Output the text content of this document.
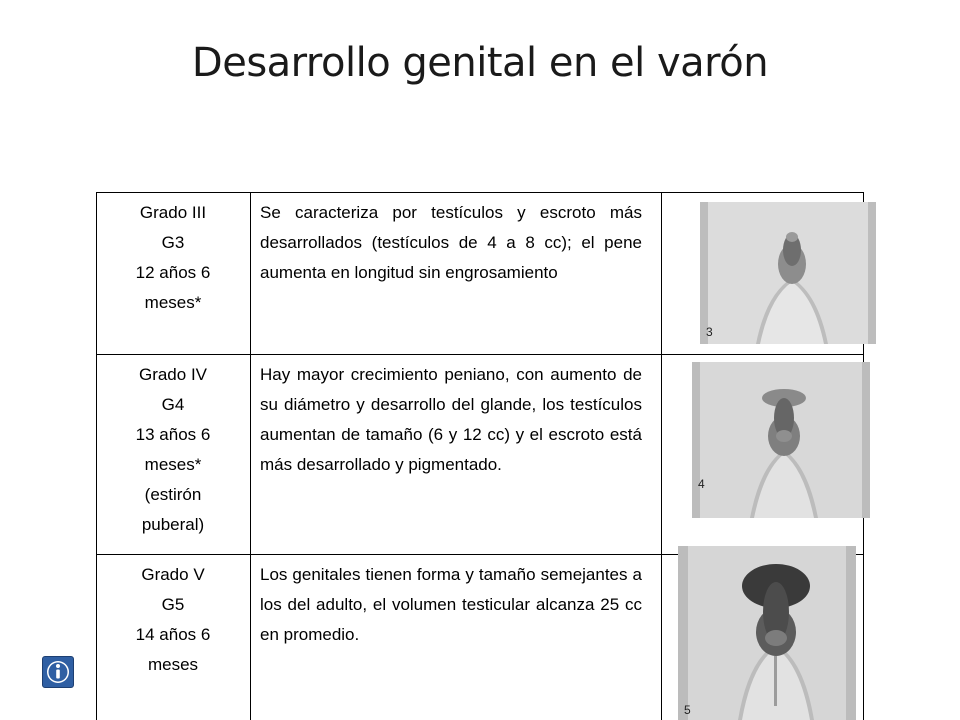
Desarrollo genital en el varón
Grado III
G3
12 años 6
meses*
Se caracteriza por testículos y escroto más desarrollados (testículos de 4 a 8 cc); el pene aumenta en longitud sin engrosamiento
3
Grado IV
G4
13 años 6
meses*
(estirón
puberal)
Hay mayor crecimiento peniano, con aumento de su diámetro y desarrollo del glande, los testículos aumentan de tamaño (6 y 12 cc) y el escroto está más desarrollado y pigmentado.
4
Grado V
G5
14 años 6
meses
Los genitales tienen forma y tamaño semejantes a los del adulto, el volumen testicular alcanza 25 cc en promedio.
5
